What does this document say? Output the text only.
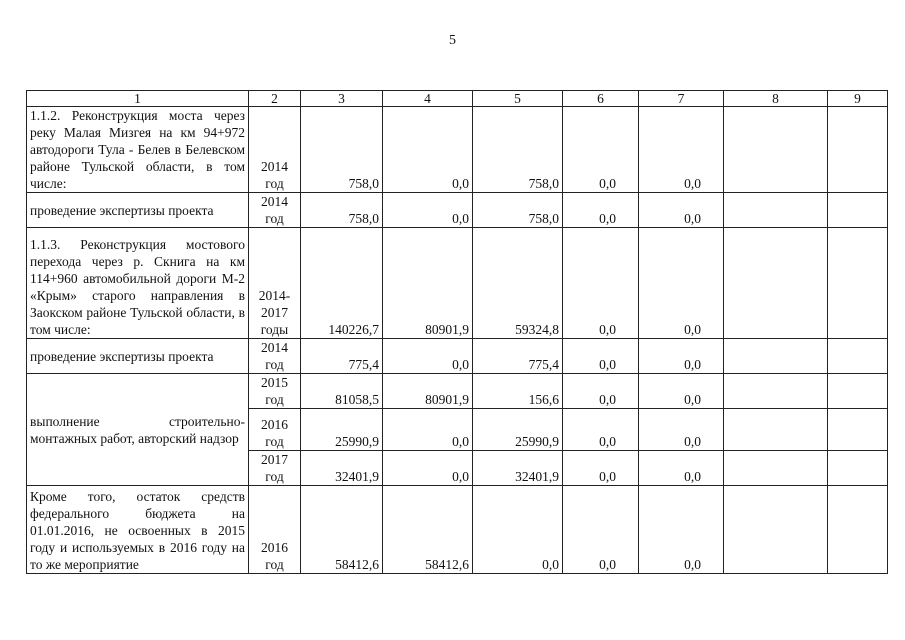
5
1	2	3	4	5	6	7	8	9
1.1.2. Реконструкция моста через реку Малая Мизгея на км 94+972 автодороги Тула - Белев в Белевском районе Тульской области, в том числе:	2014 год	758,0	0,0	758,0	0,0	0,0		
проведение экспертизы проекта	2014 год	758,0	0,0	758,0	0,0	0,0		
1.1.3. Реконструкция мостового перехода через р. Скнига на км 114+960 автомобильной дороги М-2 «Крым» старого направления в Заокском районе Тульской области, в том числе:	2014-2017 годы	140226,7	80901,9	59324,8	0,0	0,0		
проведение экспертизы проекта	2014 год	775,4	0,0	775,4	0,0	0,0		
выполнение строительно-монтажных работ, авторский надзор	2015 год	81058,5	80901,9	156,6	0,0	0,0		
	2016 год	25990,9	0,0	25990,9	0,0	0,0		
	2017 год	32401,9	0,0	32401,9	0,0	0,0		
Кроме того, остаток средств федерального бюджета на 01.01.2016, не освоенных в 2015 году и используемых в 2016 году на то же мероприятие	2016 год	58412,6	58412,6	0,0	0,0	0,0		
